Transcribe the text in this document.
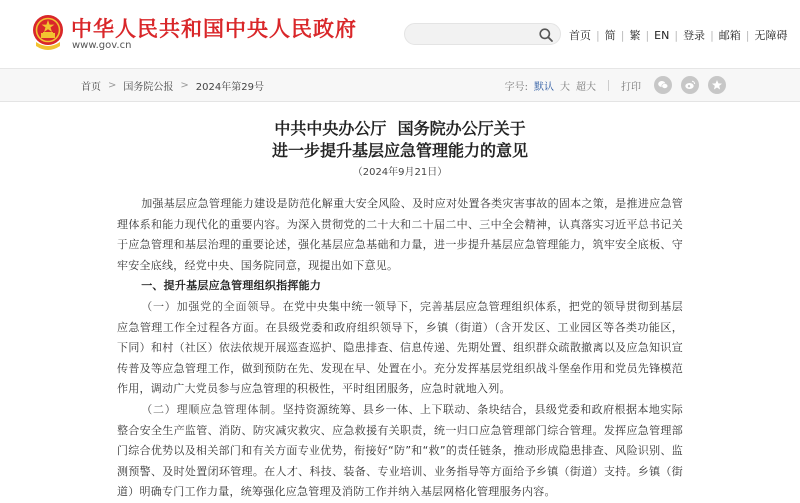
中华人民共和国中央人民政府
www.gov.cn
首页 | 简 | 繁 | EN | 登录 | 邮箱 | 无障碍
首页 > 国务院公报 > 2024年第29号	字号: 默认 大 超大	打印
中共中央办公厅  国务院办公厅关于
进一步提升基层应急管理能力的意见
（2024年9月21日）

加强基层应急管理能力建设是防范化解重大安全风险、及时应对处置各类灾害事故的固本之策，是推进应急管理体系和能力现代化的重要内容。为深入贯彻党的二十大和二十届二中、三中全会精神，认真落实习近平总书记关于应急管理和基层治理的重要论述，强化基层应急基础和力量，进一步提升基层应急管理能力，筑牢安全底板、守牢安全底线，经党中央、国务院同意，现提出如下意见。

一、提升基层应急管理组织指挥能力

（一）加强党的全面领导。在党中央集中统一领导下，完善基层应急管理组织体系，把党的领导贯彻到基层应急管理工作全过程各方面。在县级党委和政府组织领导下，乡镇（街道）（含开发区、工业园区等各类功能区，下同）和村（社区）依法依规开展巡查巡护、隐患排查、信息传递、先期处置、组织群众疏散撤离以及应急知识宣传普及等应急管理工作，做到预防在先、发现在早、处置在小。充分发挥基层党组织战斗堡垒作用和党员先锋模范作用，调动广大党员参与应急管理的积极性，平时组团服务，应急时就地入列。

（二）理顺应急管理体制。坚持资源统筹、县乡一体、上下联动、条块结合，县级党委和政府根据本地实际整合安全生产监管、消防、防灾减灾救灾、应急救援有关职责，统一归口应急管理部门综合管理。发挥应急管理部门综合优势以及相关部门和有关方面专业优势，衔接好“防”和“救”的责任链条，推动形成隐患排查、风险识别、监测预警、及时处置闭环管理。在人才、科技、装备、专业培训、业务指导等方面给予乡镇（街道）支持。乡镇（街道）明确专门工作力量，统筹强化应急管理及消防工作并纳入基层网格化管理服务内容。
